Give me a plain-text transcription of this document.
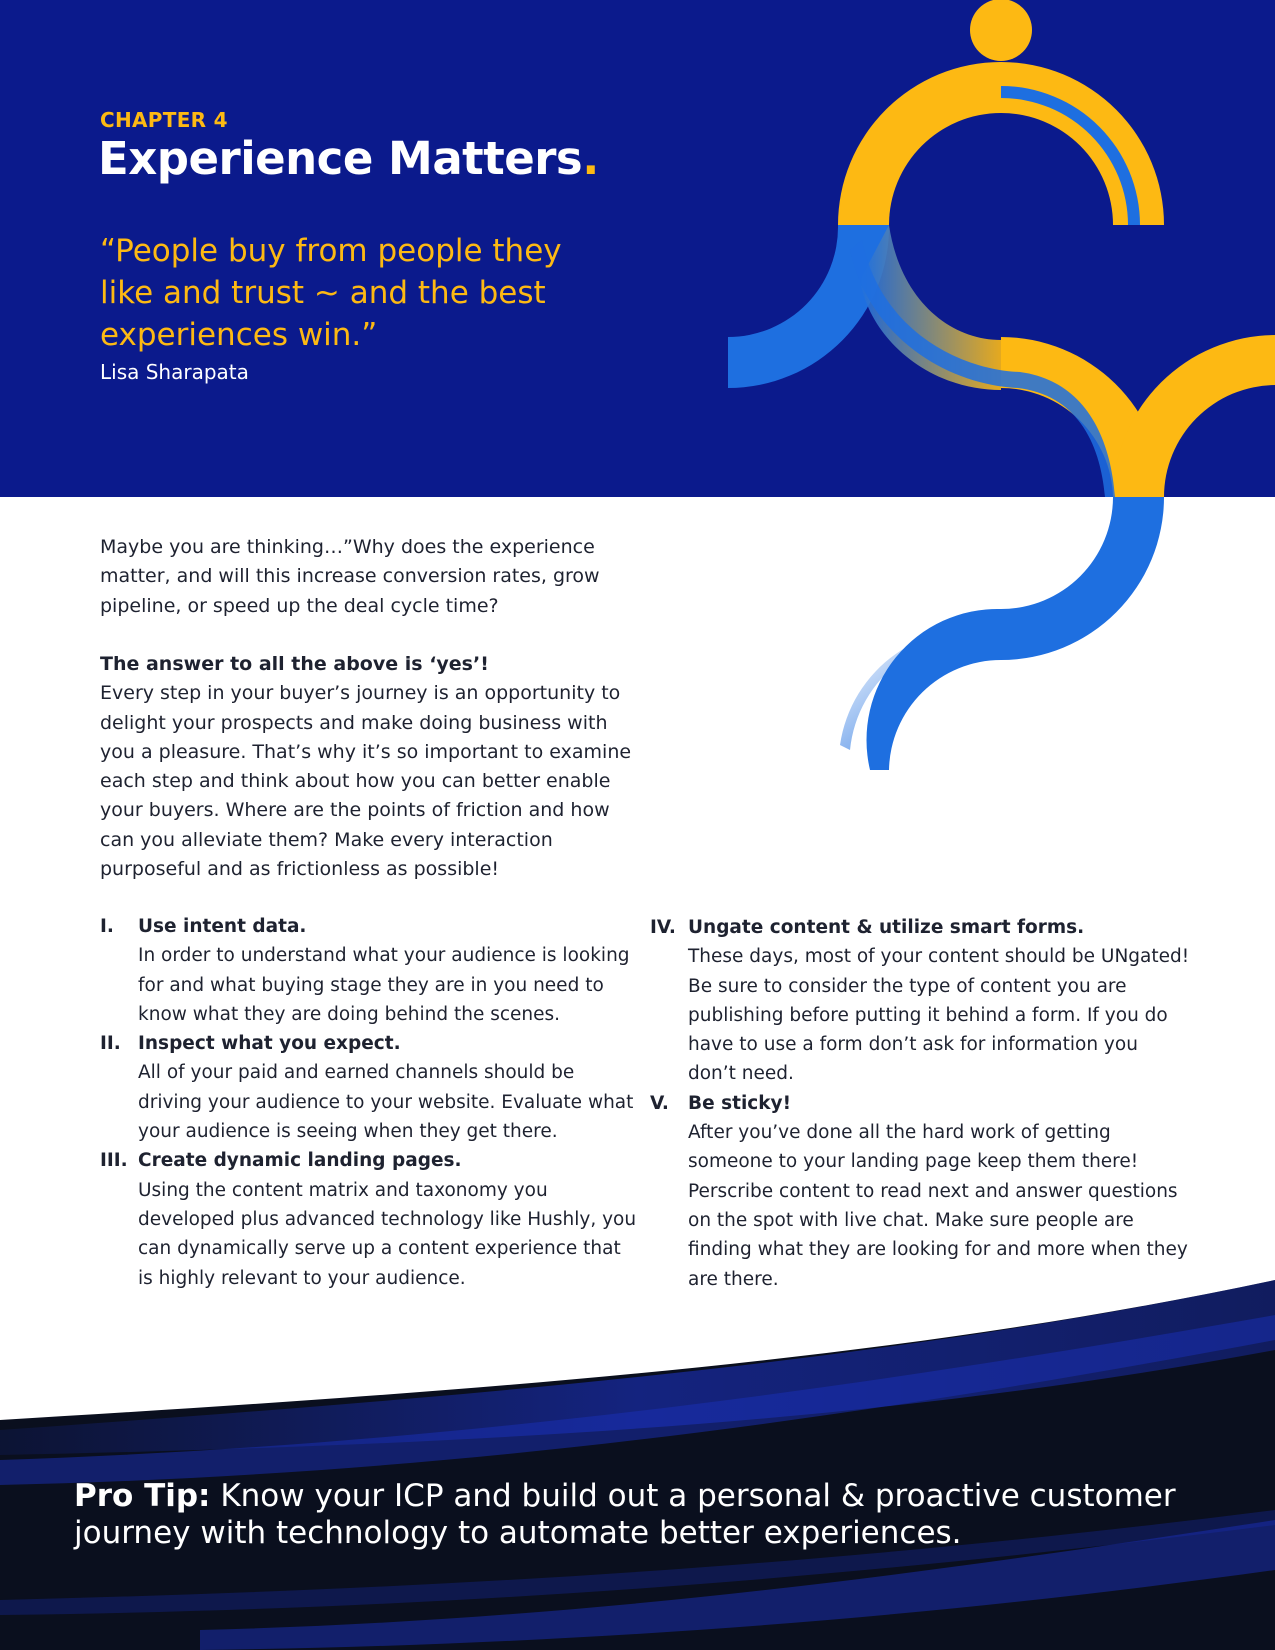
CHAPTER 4
Experience Matters.
“People buy from people they like and trust ~ and the best experiences win.”
Lisa Sharapata

Maybe you are thinking…”Why does the experience matter, and will this increase conversion rates, grow pipeline, or speed up the deal cycle time?

The answer to all the above is ‘yes’!

Every step in your buyer’s journey is an opportunity to delight your prospects and make doing business with you a pleasure. That’s why it’s so important to examine each step and think about how you can better enable your buyers. Where are the points of friction and how can you alleviate them? Make every interaction purposeful and as frictionless as possible!

I. Use intent data.
In order to understand what your audience is looking for and what buying stage they are in you need to know what they are doing behind the scenes.
II. Inspect what you expect.
All of your paid and earned channels should be driving your audience to your website. Evaluate what your audience is seeing when they get there.
III. Create dynamic landing pages.
Using the content matrix and taxonomy you developed plus advanced technology like Hushly, you can dynamically serve up a content experience that is highly relevant to your audience.
IV. Ungate content & utilize smart forms.
These days, most of your content should be UNgated! Be sure to consider the type of content you are publishing before putting it behind a form. If you do have to use a form don’t ask for information you don’t need.
V. Be sticky!
After you’ve done all the hard work of getting someone to your landing page keep them there! Perscribe content to read next and answer questions on the spot with live chat. Make sure people are finding what they are looking for and more when they are there.
Pro Tip: Know your ICP and build out a personal & proactive customer journey with technology to automate better experiences.
